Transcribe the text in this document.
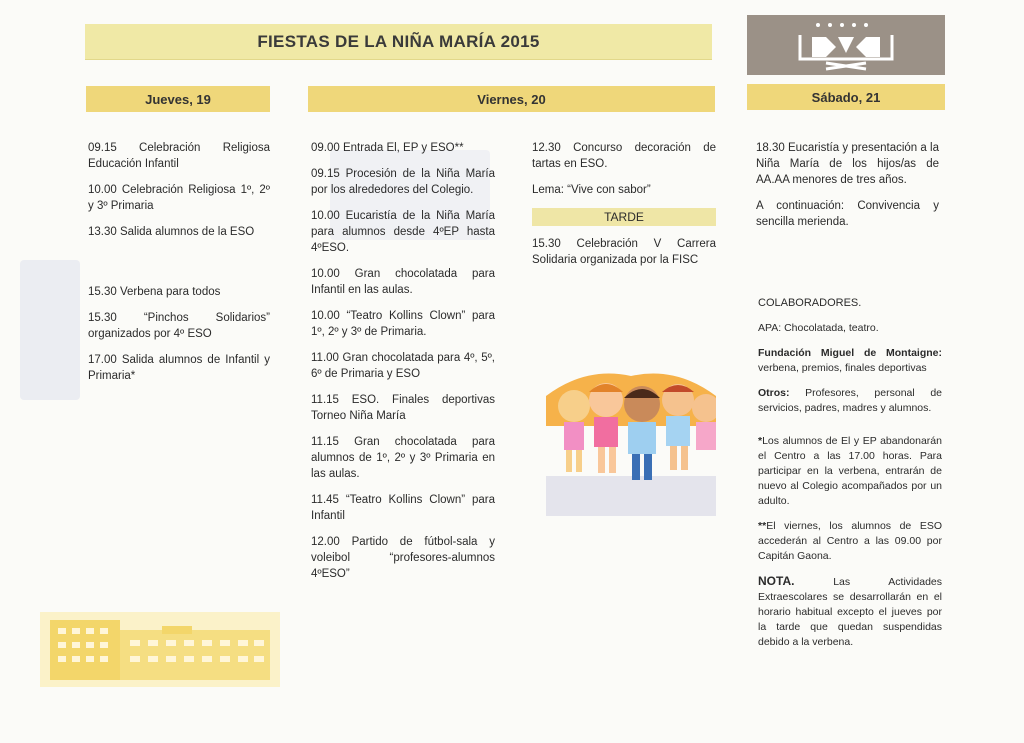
FIESTAS DE LA NIÑA MARÍA 2015
Jueves, 19	Viernes, 20	Sábado, 21

09.15 Celebración Religiosa Educación Infantil

10.00 Celebración Religiosa 1º, 2º y 3º Primaria

13.30 Salida alumnos de la ESO

15.30 Verbena para todos

15.30 “Pinchos Solidarios” organizados por 4º ESO

17.00 Salida alumnos de Infantil y Primaria*

09.00 Entrada El, EP y ESO**

09.15 Procesión de la Niña María por los alrededores del Colegio.

10.00 Eucaristía de la Niña María para alumnos desde 4ºEP hasta 4ºESO.

10.00 Gran chocolatada para Infantil en las aulas.

10.00 “Teatro Kollins Clown” para 1º, 2º y 3º de Primaria.

11.00 Gran chocolatada para 4º, 5º, 6º de Primaria y ESO

11.15 ESO. Finales deportivas Torneo Niña María

11.15 Gran chocolatada para alumnos de 1º, 2º y 3º Primaria en las aulas.

11.45 “Teatro Kollins Clown” para Infantil

12.00 Partido de fútbol-sala y voleibol “profesores-alumnos 4ºESO”

12.30 Concurso decoración de tartas en ESO.

Lema: “Vive con sabor”

TARDE

15.30 Celebración V Carrera Solidaria organizada por la FISC

18.30 Eucaristía y presentación a la Niña María de los hijos/as de AA.AA menores de tres años.

A continuación: Convivencia y sencilla merienda.

COLABORADORES.

APA: Chocolatada, teatro.

Fundación Miguel de Montaigne: verbena, premios, finales deportivas

Otros: Profesores, personal de servicios, padres, madres y alumnos.

*Los alumnos de El y EP abandonarán el Centro a las 17.00 horas. Para participar en la verbena, entrarán de nuevo al Colegio acompañados por un adulto.

**El viernes, los alumnos de ESO accederán al Centro a las 09.00 por Capitán Gaona.

NOTA.	Las Actividades Extraescolares se desarrollarán en el horario habitual excepto el jueves por la tarde que quedan suspendidas debido a la verbena.
